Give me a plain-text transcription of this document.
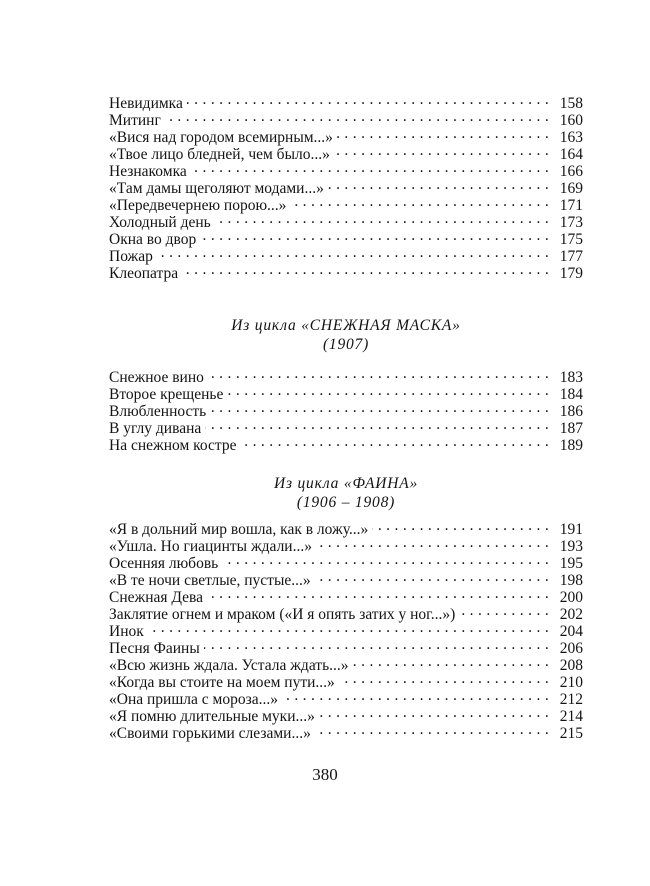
Невидимка . . .	158
Митинг . . .	160
«Вися над городом всемирным...» . . .	163
«Твое лицо бледней, чем было...» . . .	164
Незнакомка . . .	166
«Там дамы щеголяют модами...» . . .	169
«Передвечернею порою...» . . .	171
Холодный день . . .	173
Окна во двор . . .	175
Пожар . . .	177
Клеопатра . . .	179
Из цикла «СНЕЖНАЯ МАСКА»
(1907)
Снежное вино . . .	183
Второе крещенье . . .	184
Влюбленность . . .	186
В углу дивана . . .	187
На снежном костре . . .	189
Из цикла «ФАИНА»
(1906 – 1908)
«Я в дольний мир вошла, как в ложу...» . . .	191
«Ушла. Но гиацинты ждали...» . . .	193
Осенняя любовь . . .	195
«В те ночи светлые, пустые...» . . .	198
Снежная Дева . . .	200
Заклятие огнем и мраком («И я опять затих у ног...») . . .	202
Инок . . .	204
Песня Фаины . . .	206
«Всю жизнь ждала. Устала ждать...» . . .	208
«Когда вы стоите на моем пути...» . . .	210
«Она пришла с мороза...» . . .	212
«Я помню длительные муки...» . . .	214
«Своими горькими слезами...» . . .	215
380
